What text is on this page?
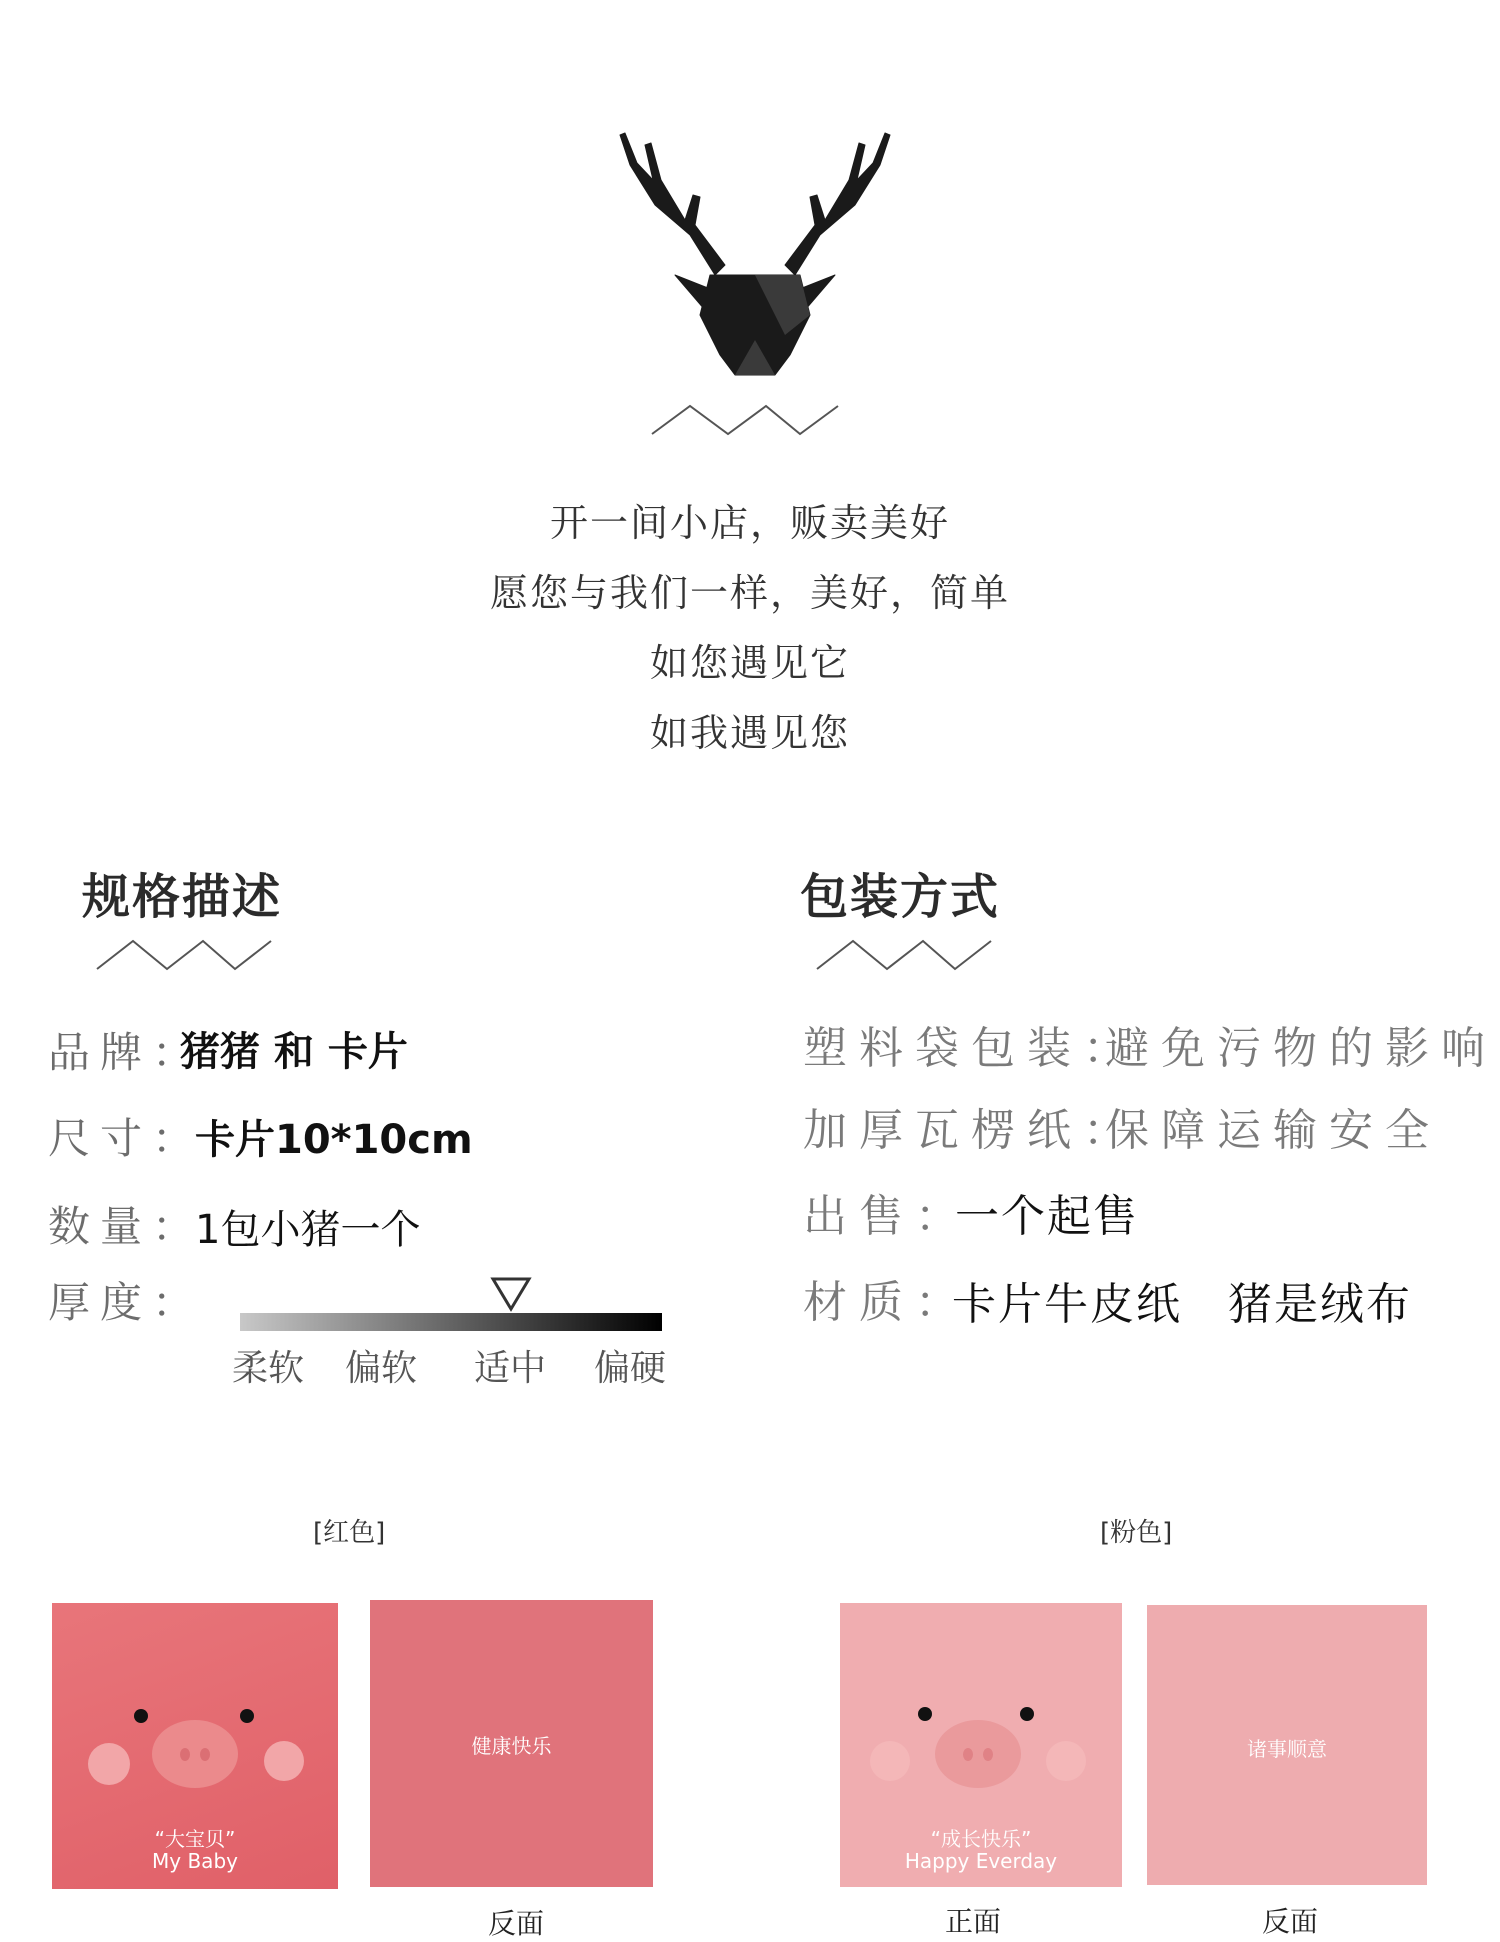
开一间小店，贩卖美好
愿您与我们一样，美好，简单
如您遇见它
如我遇见您
规格描述	包装方式
品牌：
猪猪 和 卡片
尺寸：
卡片10*10cm
数量：
1包小猪一个
厚度：
柔软 偏软 适中 偏硬
塑料袋包装：
避免污物的影响
加厚瓦楞纸：
保障运输安全
出售：
一个起售
材质：
卡片牛皮纸　猪是绒布
[红色]	[粉色]
“大宝贝”
My Baby
健康快乐
反面
“成长快乐”
Happy Everday
正面
诸事顺意
反面
